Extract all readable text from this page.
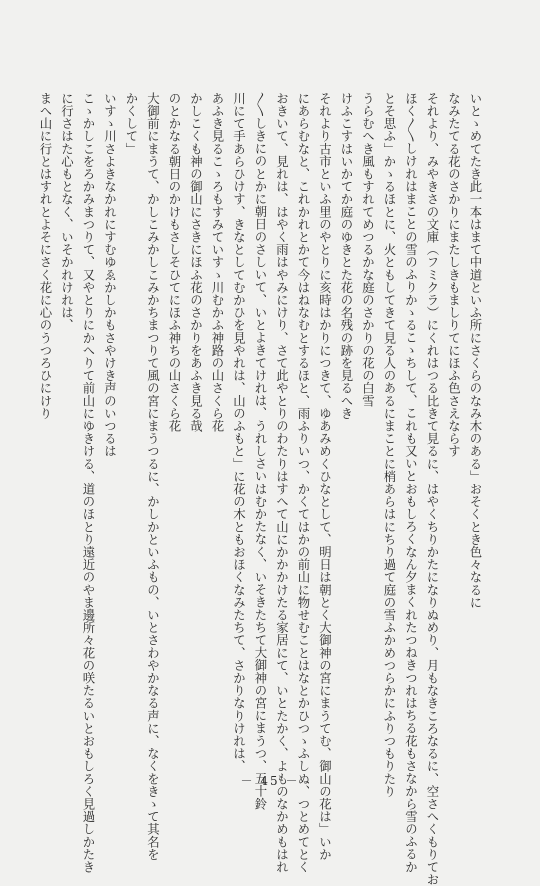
いとゝめてたき此一本はまて中道といふ所にさくらのなみ木のある」おそくとき色々なるに
なみたてる花のさかりにまたしきもましりてにほふ色さえならす
それより、みやきさの文庫（フミクラ）にくれはつる比きて見るに、はやくちりかたになりぬめり、月もなきころなるに、空さへくもりてお
ほく〳〵しけれはまことの雪のふりかゝるこゝちして、これも又いとおもしろくなん夕まくれたつねきつれはちる花もさなから雪のふるか
とそ思ふ」かゝるほとに、火ともしてきて見る人のあるにまことに梢あらはにちり過て庭の雪ふかめつらかにふりつもりたり
うらむへき風もすれてめつるかな庭のさかりの花の白雪
けふこすはいかてか庭のゆきとた花の名残の跡を見るへき
それより古市といふ里のやとりに亥時はかりにつきて、ゆあみめくひなとして、明日は朝とく大御神の宮にまうてむ、御山の花は」いか
にあらむなと、これかれとかて今はねなむとするほと、雨ふりいつ、かくてはかの前山に物せむことはなとかひつゝふしぬ、つとめてとく
おきいて、見れは、はやく雨はやみにけり、さて此やとりのわたりはすへて山にかかかけたる家居にて、いとたかく、よものなかめもはれ
〳〵しきにのとかに朝日のさしいて、いとよきてけれは、うれしさいはむかたなく、いそきたちて大御神の宮にまうつ、五十鈴
川にて手あらひけす、きなとしてむかひを見やれは、山のふもと」に花の木ともおほくなみたちて、さかりなりけれは、
あふき見るこゝろもすみていすゝ川むかふ神路の山さくら花
かしこくも神の御山にさきにほふ花のさかりをあふき見る哉
のとかなる朝日のかけもさしそひてにほふ神ちの山さくら花
大御前にまうて、かしこみかしこみかちまつりて風の宮にまうつるに、かしかといふもの、いとさわやかなる声に、なくをきゝて其名を
かくして」
いすゝ川さよきなかれにすむゆゑかしかもさやけき声のいつるは
こゝかしこをろかみまつりて、又やとりにかへりて前山にゆきける、道のほとり遠近のやま邊所々花の咲たるいとおもしろく見過しかたき
に行さはた心もとなく、いそかれけれは、
まへ山に行とはすれとよそにさく花に心のうつろひにけり
－ 45 －
